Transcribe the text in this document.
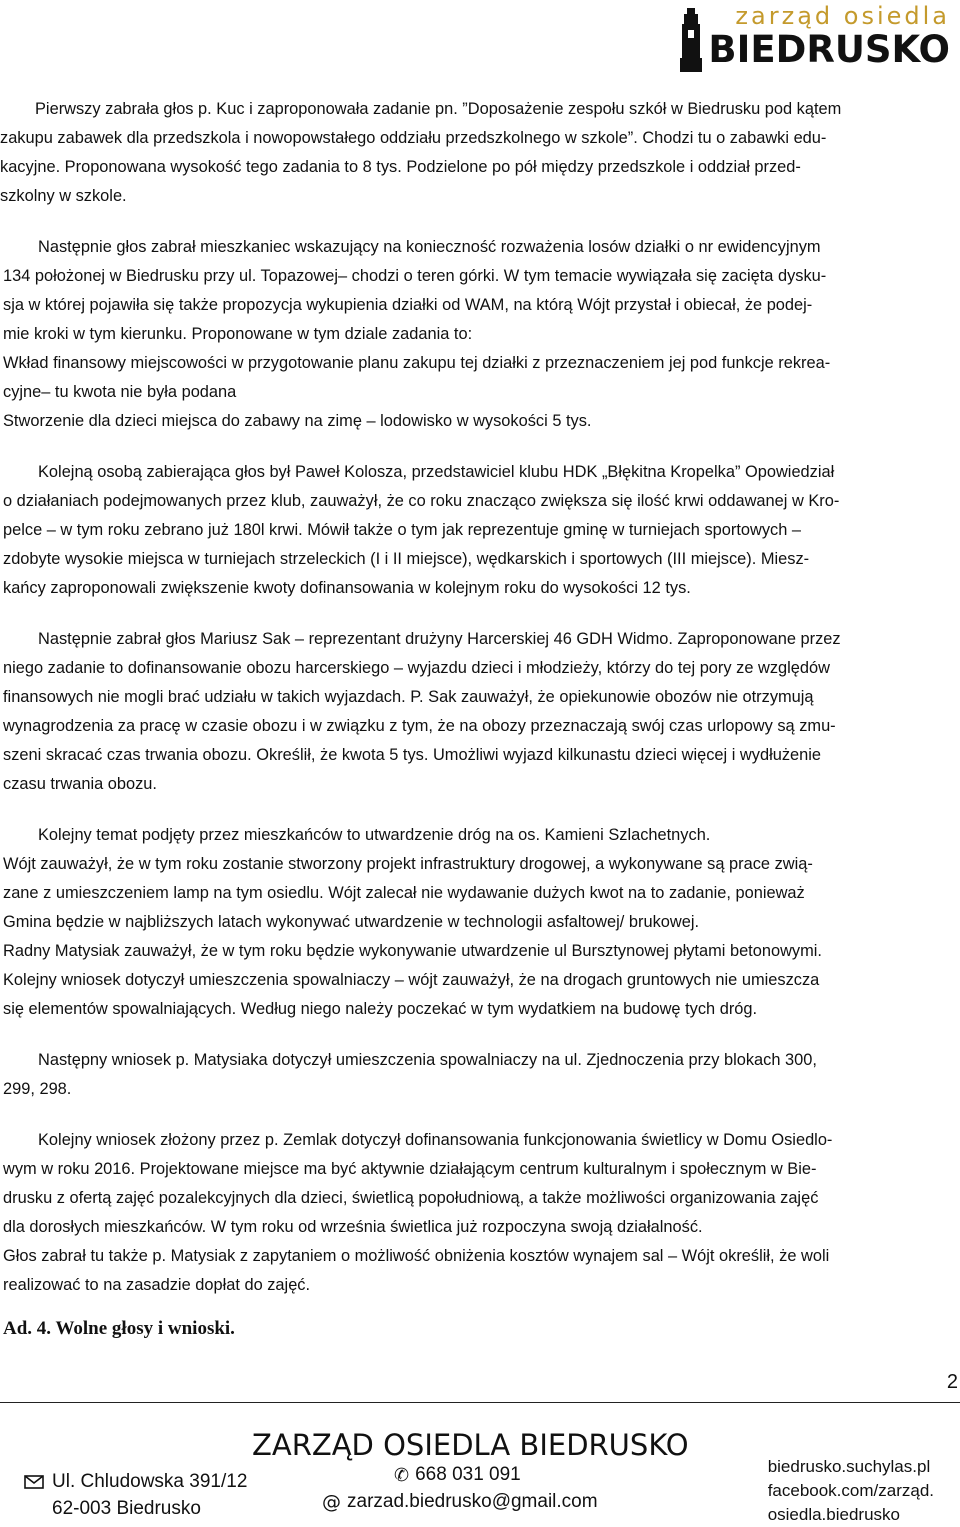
zarząd osiedla
BIEDRUSKO

Pierwszy zabrała głos p. Kuc i zaproponowała zadanie pn. ”Doposażenie zespołu szkół w Biedrusku pod kątem

zakupu zabawek dla przedszkola i nowopowstałego oddziału przedszkolnego w szkole”. Chodzi tu o zabawki edu-

kacyjne. Proponowana wysokość tego zadania to 8 tys. Podzielone po pół między przedszkole i oddział przed-

szkolny w szkole.

Następnie głos zabrał mieszkaniec wskazujący na konieczność rozważenia losów działki o nr ewidencyjnym

134 położonej w Biedrusku przy ul. Topazowej– chodzi o teren górki. W tym temacie wywiązała się zacięta dysku-

sja w której pojawiła się także propozycja wykupienia działki od WAM, na którą Wójt przystał i obiecał, że podej-

mie kroki w tym kierunku. Proponowane w tym dziale zadania to:

Wkład finansowy miejscowości w przygotowanie planu zakupu tej działki z przeznaczeniem jej pod funkcje rekrea-

cyjne– tu kwota nie była podana

Stworzenie dla dzieci miejsca do zabawy na zimę – lodowisko w wysokości 5 tys.

Kolejną osobą zabierająca głos był Paweł Kolosza, przedstawiciel klubu HDK „Błękitna Kropelka” Opowiedział

o działaniach podejmowanych przez klub, zauważył, że co roku znacząco zwiększa się ilość krwi oddawanej w Kro-

pelce – w tym roku zebrano już 180l krwi. Mówił także o tym jak reprezentuje gminę w turniejach sportowych –

zdobyte wysokie miejsca w turniejach strzeleckich (I i II miejsce), wędkarskich i sportowych (III miejsce). Miesz-

kańcy zaproponowali zwiększenie kwoty dofinansowania w kolejnym roku do wysokości 12 tys.

Następnie zabrał głos Mariusz Sak – reprezentant drużyny Harcerskiej 46 GDH Widmo. Zaproponowane przez

niego zadanie to dofinansowanie obozu harcerskiego – wyjazdu dzieci i młodzieży, którzy do tej pory ze względów

finansowych nie mogli brać udziału w takich wyjazdach. P. Sak zauważył, że opiekunowie obozów nie otrzymują

wynagrodzenia za pracę w czasie obozu i w związku z tym, że na obozy przeznaczają swój czas urlopowy są zmu-

szeni skracać czas trwania obozu. Określił, że kwota 5 tys. Umożliwi wyjazd kilkunastu dzieci więcej i wydłużenie

czasu trwania obozu.

Kolejny temat podjęty przez mieszkańców to utwardzenie dróg na os. Kamieni Szlachetnych.

Wójt zauważył, że w tym roku zostanie stworzony projekt infrastruktury drogowej, a wykonywane są prace zwią-

zane z umieszczeniem lamp na tym osiedlu. Wójt zalecał nie wydawanie dużych kwot na to zadanie, ponieważ

Gmina będzie w najbliższych latach wykonywać utwardzenie w technologii asfaltowej/ brukowej.

Radny Matysiak zauważył, że w tym roku będzie wykonywanie utwardzenie ul Bursztynowej płytami betonowymi.

Kolejny wniosek dotyczył umieszczenia spowalniaczy – wójt zauważył, że na drogach gruntowych nie umieszcza

się elementów spowalniających. Według niego należy poczekać w tym wydatkiem na budowę tych dróg.

Następny wniosek p. Matysiaka dotyczył umieszczenia spowalniaczy na ul. Zjednoczenia przy blokach 300,

299, 298.

Kolejny wniosek złożony przez p. Zemlak dotyczył dofinansowania funkcjonowania świetlicy w Domu Osiedlo-

wym w roku 2016. Projektowane miejsce ma być aktywnie działającym centrum kulturalnym i społecznym w Bie-

drusku z ofertą zajęć pozalekcyjnych dla dzieci, świetlicą popołudniową, a także możliwości organizowania zajęć

dla dorosłych mieszkańców. W tym roku od września świetlica już rozpoczyna swoją działalność.

Głos zabrał tu także p. Matysiak z zapytaniem o możliwość obniżenia kosztów wynajem sal – Wójt określił, że woli

realizować to na zasadzie dopłat do zajęć.

Ad. 4. Wolne głosy i wnioski.
2
ZARZĄD OSIEDLA BIEDRUSKO
Ul. Chludowska 391/12
62-003 Biedrusko
✆ 668 031 091
@ zarzad.biedrusko@gmail.com
biedrusko.suchylas.pl
facebook.com/zarząd.
osiedla.biedrusko
